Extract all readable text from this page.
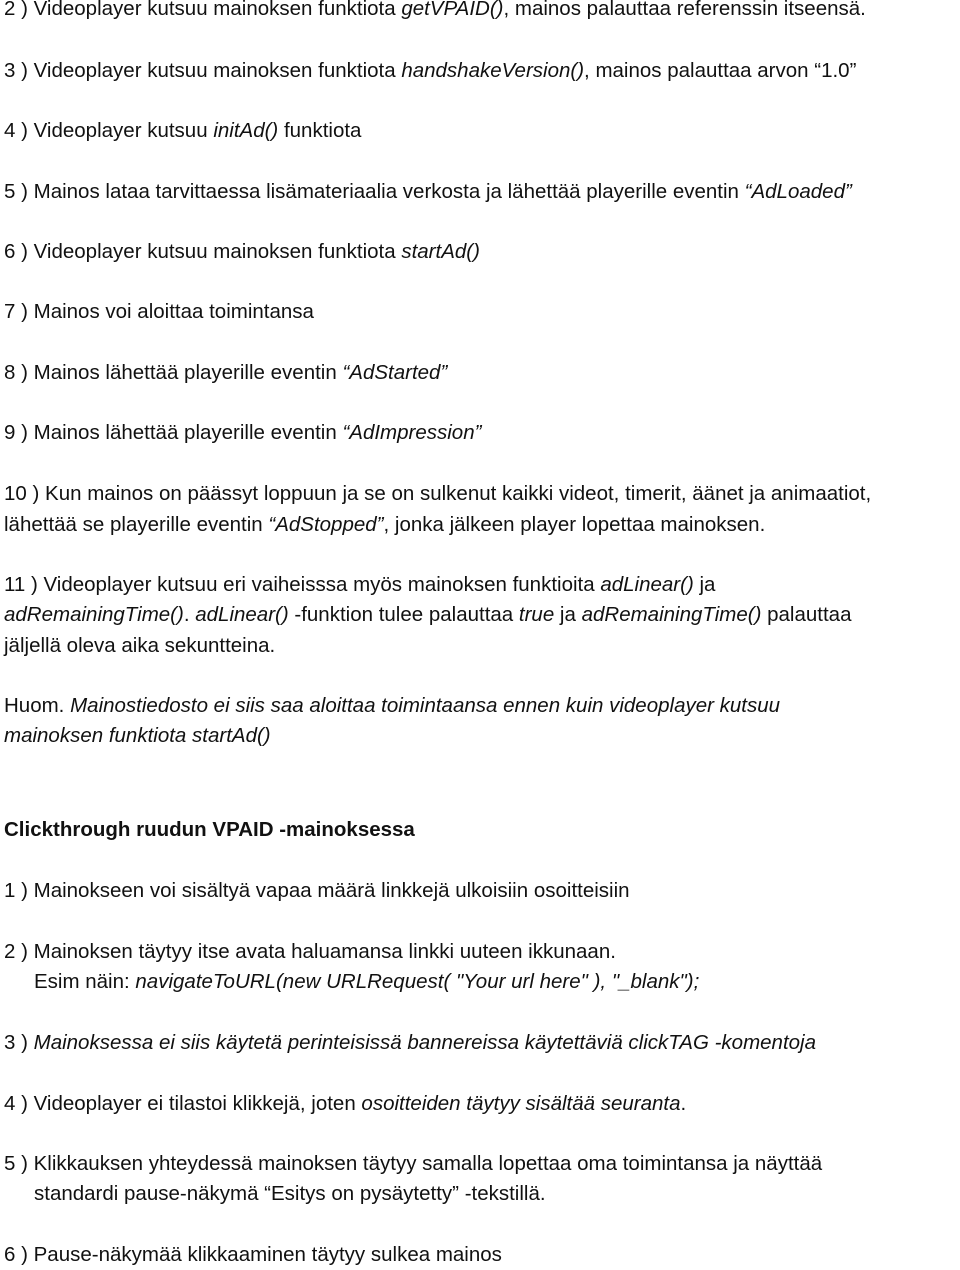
2 ) Videoplayer kutsuu mainoksen funktiota getVPAID(), mainos palauttaa referenssin itseensä.
3 ) Videoplayer kutsuu mainoksen funktiota handshakeVersion(), mainos palauttaa arvon “1.0”
4 ) Videoplayer kutsuu initAd() funktiota
5 ) Mainos lataa tarvittaessa lisämateriaalia verkosta ja lähettää playerille eventin “AdLoaded”
6 ) Videoplayer kutsuu mainoksen funktiota startAd()
7 ) Mainos voi aloittaa toimintansa
8 ) Mainos lähettää playerille eventin “AdStarted”
9 ) Mainos lähettää playerille eventin “AdImpression”
10 ) Kun mainos on päässyt loppuun ja se on sulkenut kaikki videot, timerit, äänet ja animaatiot,
lähettää se playerille eventin “AdStopped”, jonka jälkeen player lopettaa mainoksen.
11 ) Videoplayer kutsuu eri vaiheisssa myös mainoksen funktioita adLinear() ja
adRemainingTime(). adLinear() -funktion tulee palauttaa true ja adRemainingTime() palauttaa
jäljellä oleva aika sekuntteina.
Huom. Mainostiedosto ei siis saa aloittaa toimintaansa ennen kuin videoplayer kutsuu
mainoksen funktiota startAd()
Clickthrough ruudun VPAID -mainoksessa
1 ) Mainokseen voi sisältyä vapaa määrä linkkejä ulkoisiin osoitteisiin
2 ) Mainoksen täytyy itse avata haluamansa linkki uuteen ikkunaan.
Esim näin: navigateToURL(new URLRequest( "Your url here" ), "_blank");
3 ) Mainoksessa ei siis käytetä perinteisissä bannereissa käytettäviä clickTAG -komentoja
4 ) Videoplayer ei tilastoi klikkejä, joten osoitteiden täytyy sisältää seuranta.
5 ) Klikkauksen yhteydessä mainoksen täytyy samalla lopettaa oma toimintansa ja näyttää
standardi pause-näkymä “Esitys on pysäytetty” -tekstillä.
6 ) Pause-näkymää klikkaaminen täytyy sulkea mainos
